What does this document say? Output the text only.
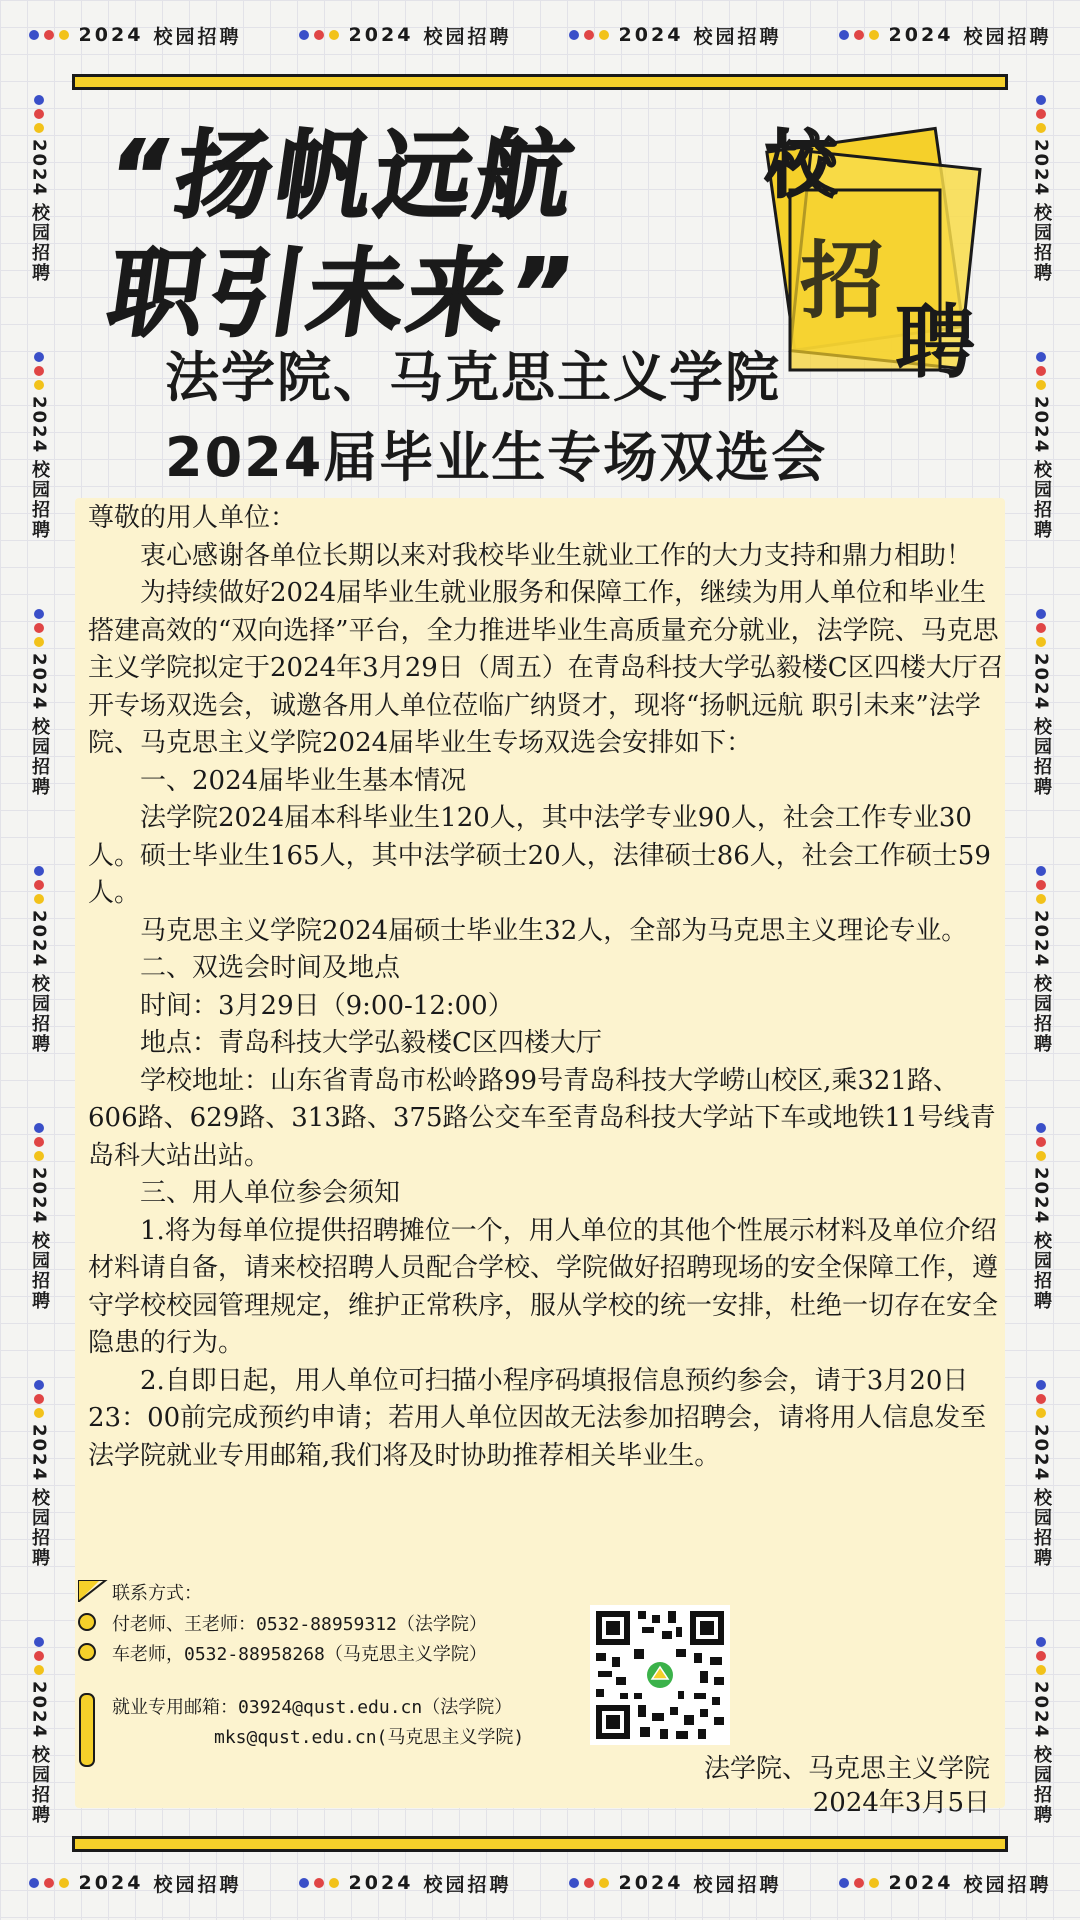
2024 校园招聘	2024 校园招聘	2024 校园招聘	2024 校园招聘
2024 校园招聘	2024 校园招聘	2024 校园招聘	2024 校园招聘
2024
校园招聘
2024
校园招聘
2024
校园招聘
2024
校园招聘
2024
校园招聘
2024
校园招聘
2024
校园招聘
2024
校园招聘
2024
校园招聘
2024
校园招聘
2024
校园招聘
2024
校园招聘
2024
校园招聘
2024
校园招聘
“扬帆远航
职引未来”
校
招
聘
法学院、马克思主义学院
2024届毕业生专场双选会

尊敬的用人单位：

衷心感谢各单位长期以来对我校毕业生就业工作的大力支持和鼎力相助！

为持续做好2024届毕业生就业服务和保障工作，继续为用人单位和毕业生搭建高效的“双向选择”平台，全力推进毕业生高质量充分就业，法学院、马克思主义学院拟定于2024年3月29日（周五）在青岛科技大学弘毅楼C区四楼大厅召开专场双选会，诚邀各用人单位莅临广纳贤才，现将“扬帆远航 职引未来”法学院、马克思主义学院2024届毕业生专场双选会安排如下：

一、2024届毕业生基本情况

法学院2024届本科毕业生120人，其中法学专业90人，社会工作专业30人。硕士毕业生165人，其中法学硕士20人，法律硕士86人，社会工作硕士59人。

马克思主义学院2024届硕士毕业生32人，全部为马克思主义理论专业。

二、双选会时间及地点

时间：3月29日（9:00-12:00）

地点：青岛科技大学弘毅楼C区四楼大厅

学校地址：山东省青岛市松岭路99号青岛科技大学崂山校区,乘321路、606路、629路、313路、375路公交车至青岛科技大学站下车或地铁11号线青岛科大站出站。

三、用人单位参会须知

1.将为每单位提供招聘摊位一个，用人单位的其他个性展示材料及单位介绍材料请自备，请来校招聘人员配合学校、学院做好招聘现场的安全保障工作，遵守学校校园管理规定，维护正常秩序，服从学校的统一安排，杜绝一切存在安全隐患的行为。

2.自即日起，用人单位可扫描小程序码填报信息预约参会，请于3月20日23：00前完成预约申请；若用人单位因故无法参加招聘会，请将用人信息发至法学院就业专用邮箱,我们将及时协助推荐相关毕业生。

联系方式：
付老师、王老师：0532-88959312（法学院）
车老师，0532-88958268（马克思主义学院）
就业专用邮箱：03924@qust.edu.cn（法学院）
mks@qust.edu.cn(马克思主义学院)
法学院、马克思主义学院
2024年3月5日
